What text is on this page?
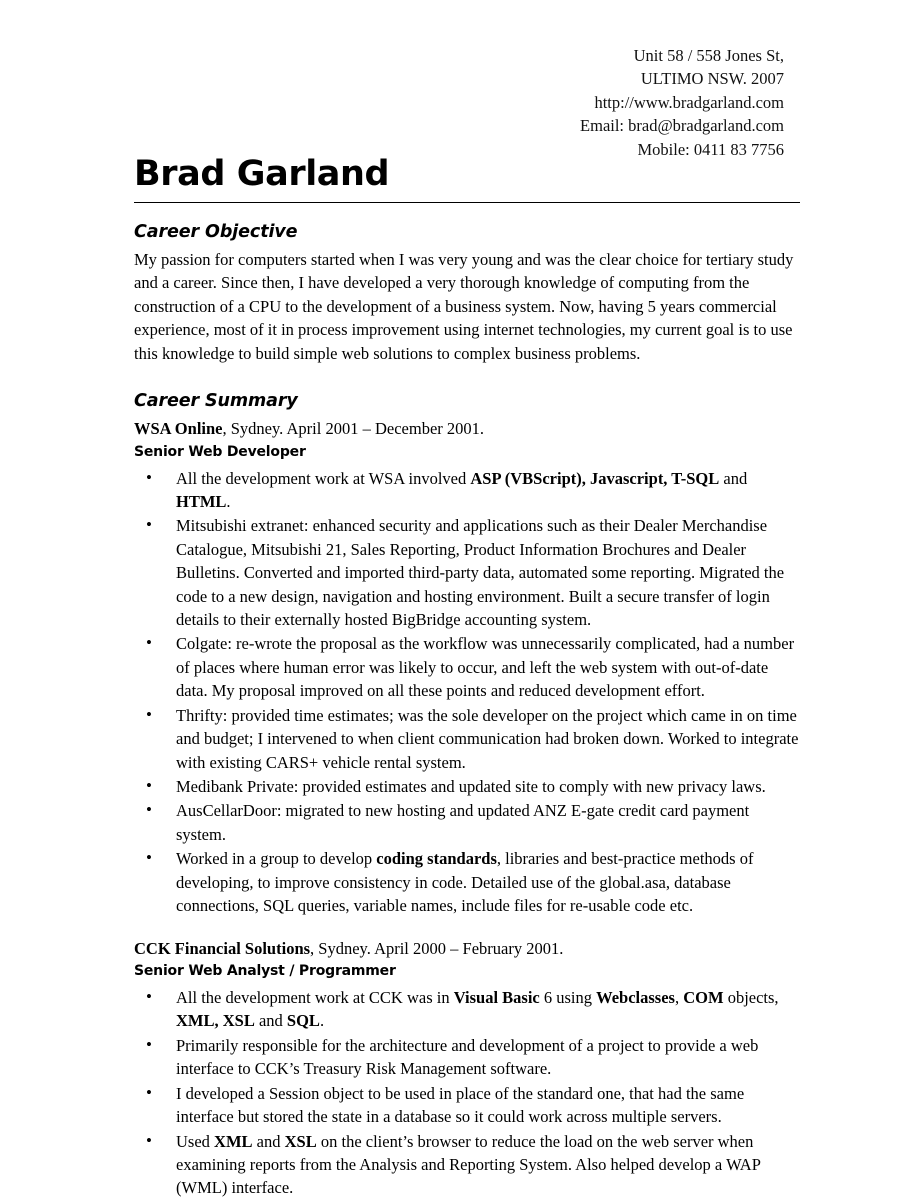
Unit 58 / 558 Jones St,
ULTIMO NSW. 2007
http://www.bradgarland.com
Email: brad@bradgarland.com
Mobile: 0411 83 7756
Brad Garland
Career Objective

My passion for computers started when I was very young and was the clear choice for tertiary study and a career. Since then, I have developed a very thorough knowledge of computing from the construction of a CPU to the development of a business system. Now, having 5 years commercial experience, most of it in process improvement using internet technologies, my current goal is to use this knowledge to build simple web solutions to complex business problems.

Career Summary
WSA Online, Sydney. April 2001 – December 2001.
Senior Web Developer
• All the development work at WSA involved ASP (VBScript), Javascript, T-SQL and HTML.
• Mitsubishi extranet: enhanced security and applications such as their Dealer Merchandise Catalogue, Mitsubishi 21, Sales Reporting, Product Information Brochures and Dealer Bulletins. Converted and imported third-party data, automated some reporting. Migrated the code to a new design, navigation and hosting environment. Built a secure transfer of login details to their externally hosted BigBridge accounting system.
• Colgate: re-wrote the proposal as the workflow was unnecessarily complicated, had a number of places where human error was likely to occur, and left the web system with out-of-date data. My proposal improved on all these points and reduced development effort.
• Thrifty: provided time estimates; was the sole developer on the project which came in on time and budget; I intervened to when client communication had broken down. Worked to integrate with existing CARS+ vehicle rental system.
• Medibank Private: provided estimates and updated site to comply with new privacy laws.
• AusCellarDoor: migrated to new hosting and updated ANZ E-gate credit card payment system.
• Worked in a group to develop coding standards, libraries and best-practice methods of developing, to improve consistency in code. Detailed use of the global.asa, database connections, SQL queries, variable names, include files for re-usable code etc.
CCK Financial Solutions, Sydney. April 2000 – February 2001.
Senior Web Analyst / Programmer
• All the development work at CCK was in Visual Basic 6 using Webclasses, COM objects, XML, XSL and SQL.
• Primarily responsible for the architecture and development of a project to provide a web interface to CCK’s Treasury Risk Management software.
• I developed a Session object to be used in place of the standard one, that had the same interface but stored the state in a database so it could work across multiple servers.
• Used XML and XSL on the client’s browser to reduce the load on the web server when examining reports from the Analysis and Reporting System. Also helped develop a WAP (WML) interface.
